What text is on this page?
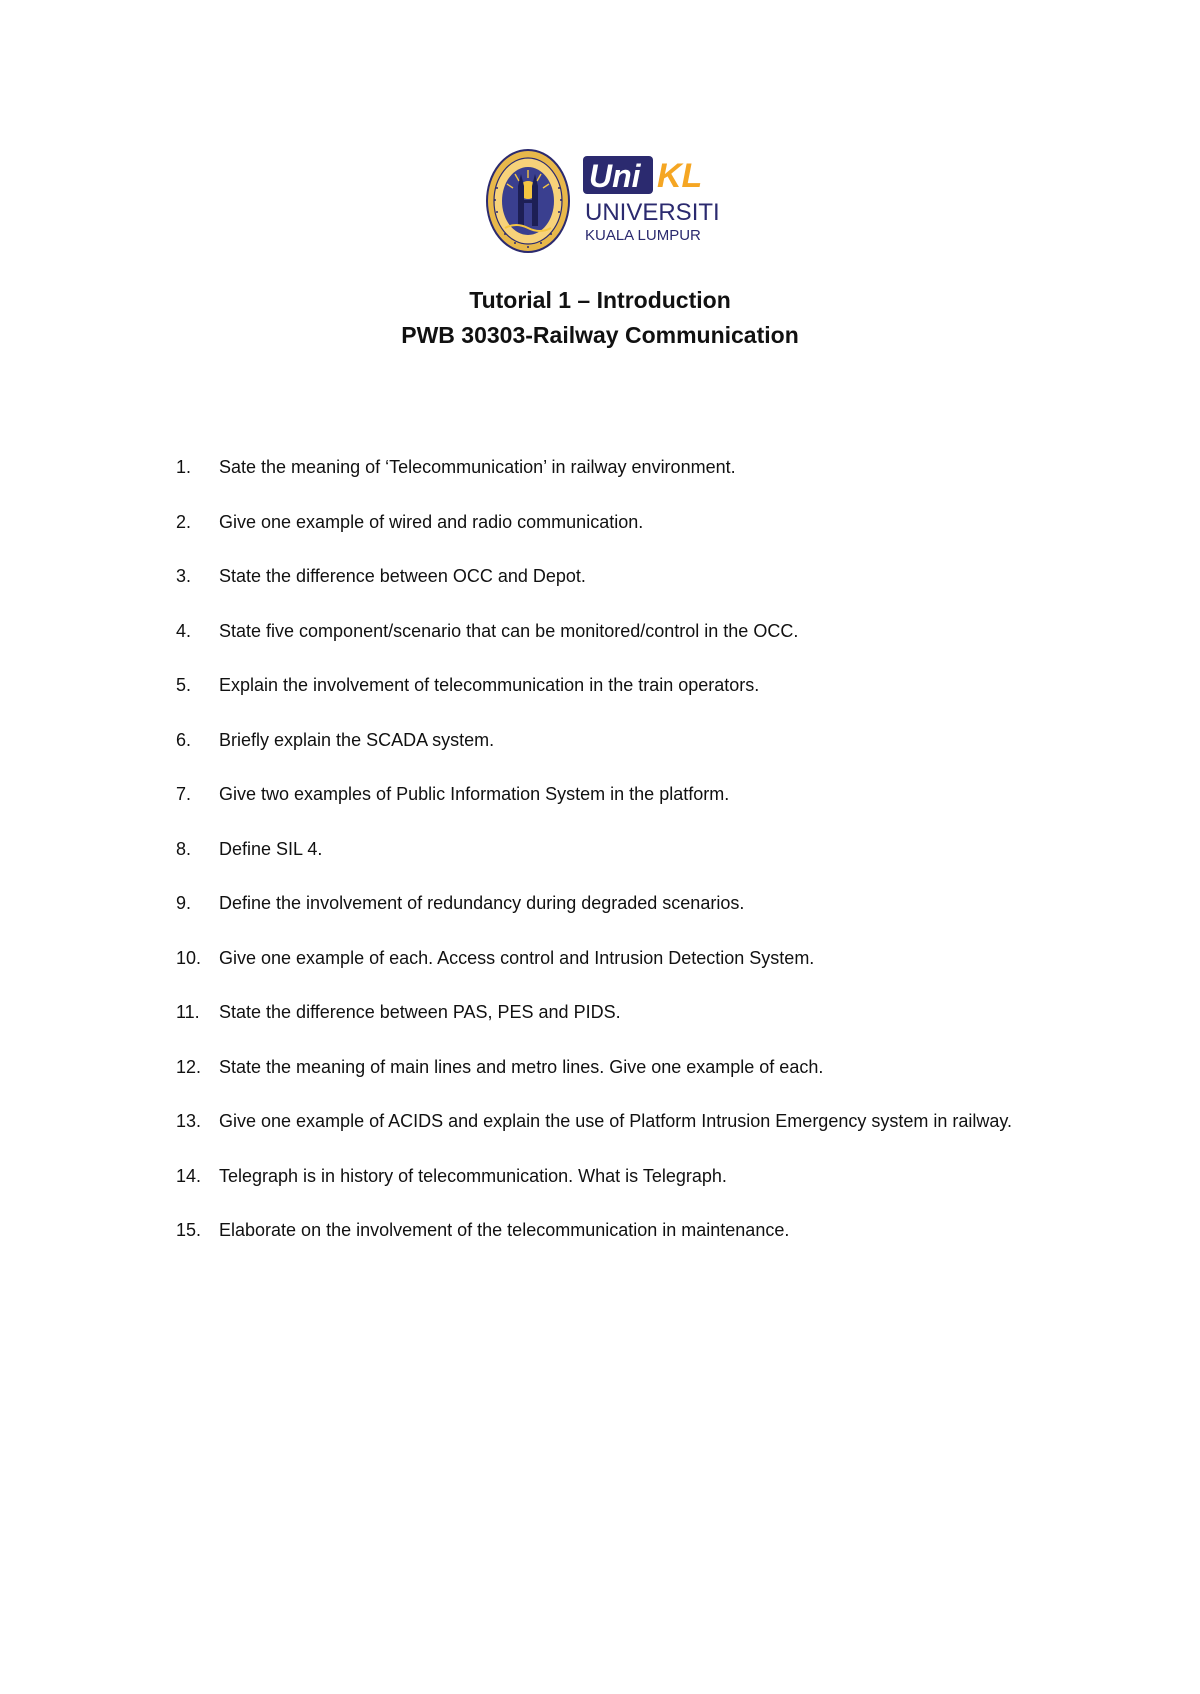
Uni KL
UNIVERSITI
KUALA LUMPUR

Tutorial 1 – Introduction

PWB 30303-Railway Communication

1.	Sate the meaning of ‘Telecommunication’ in railway environment.
2.	Give one example of wired and radio communication.
3.	State the difference between OCC and Depot.
4.	State five component/scenario that can be monitored/control in the OCC.
5.	Explain the involvement of telecommunication in the train operators.
6.	Briefly explain the SCADA system.
7.	Give two examples of Public Information System in the platform.
8.	Define SIL 4.
9.	Define the involvement of redundancy during degraded scenarios.
10. Give one example of each. Access control and Intrusion Detection System.
11.	State the difference between PAS, PES and PIDS.
12. State the meaning of main lines and metro lines. Give one example of each.
13. Give one example of ACIDS and explain the use of Platform Intrusion Emergency system in railway.
14. Telegraph is in history of telecommunication. What is Telegraph.
15. Elaborate on the involvement of the telecommunication in maintenance.
